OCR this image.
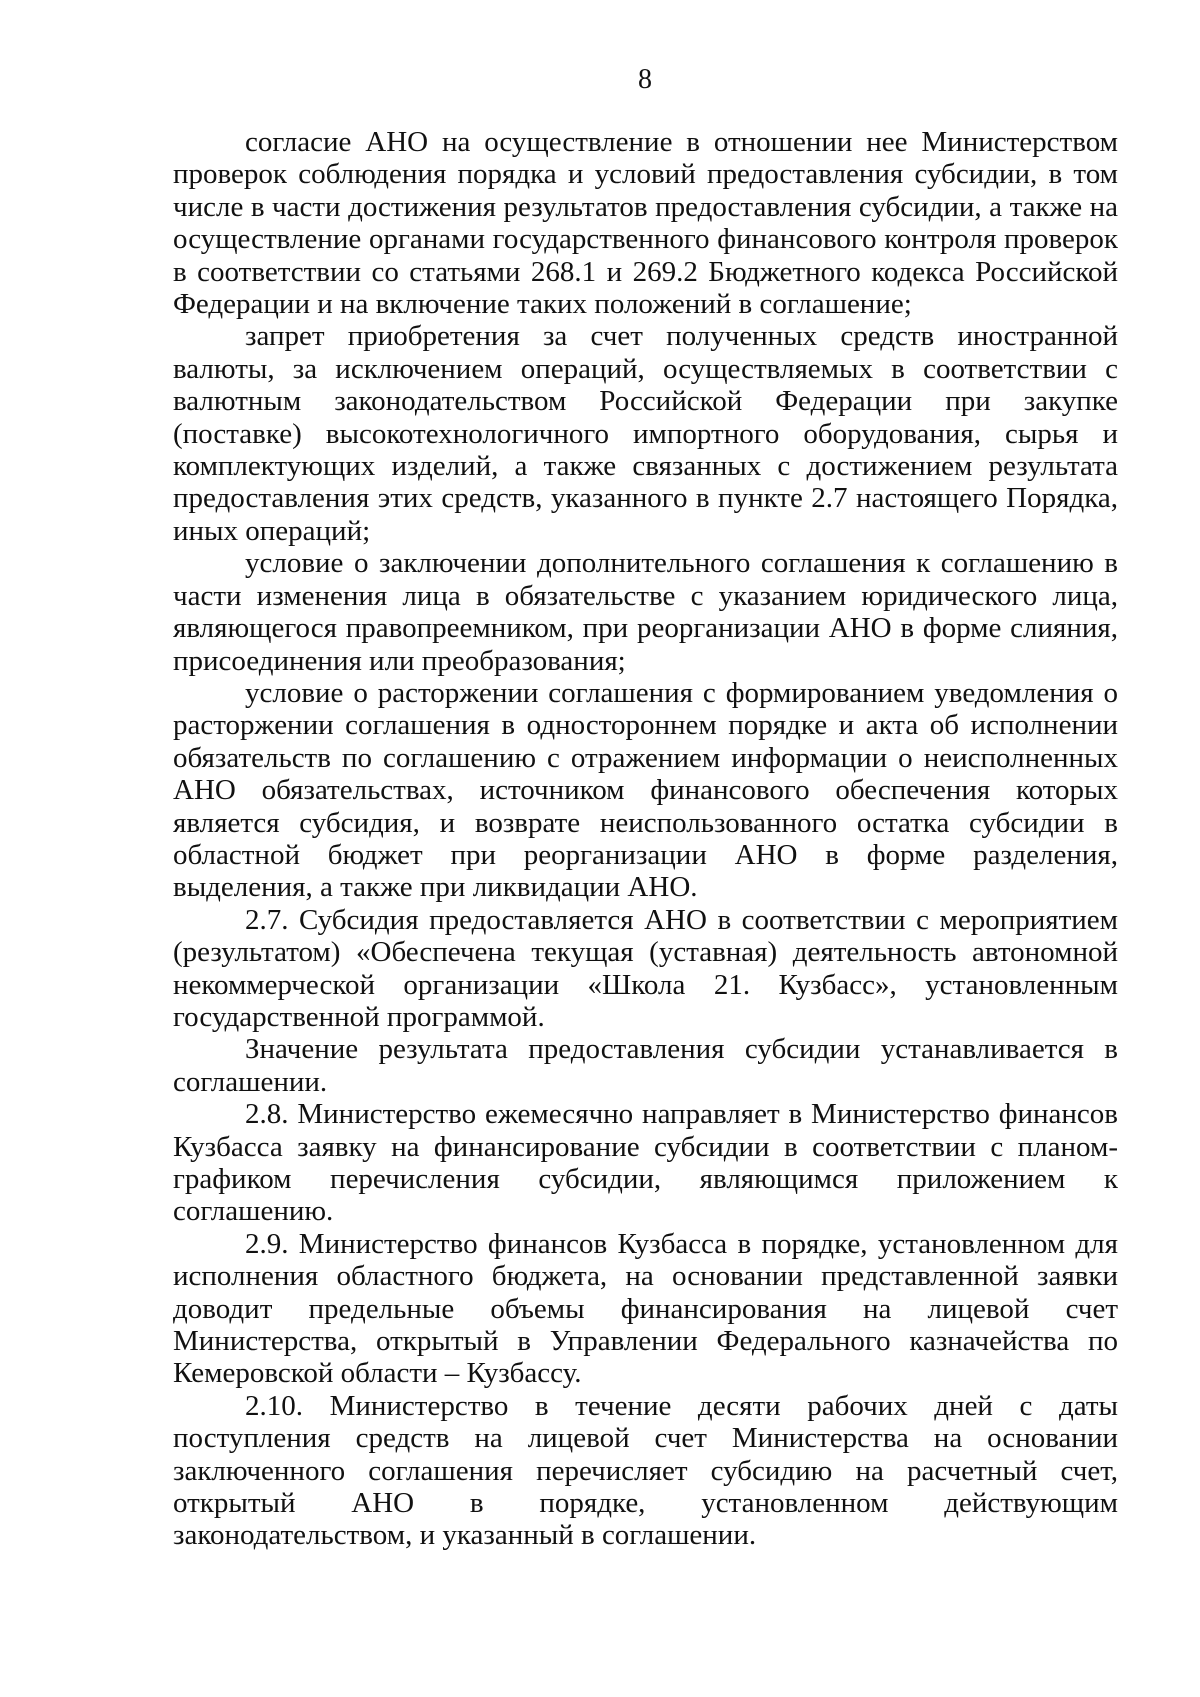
8

согласие АНО на осуществление в отношении нее Министерством проверок соблюдения порядка и условий предоставления субсидии, в том числе в части достижения результатов предоставления субсидии, а также на осуществление органами государственного финансового контроля проверок в соответствии со статьями 268.1 и 269.2 Бюджетного кодекса Российской Федерации и на включение таких положений в соглашение;

запрет приобретения за счет полученных средств иностранной валюты, за исключением операций, осуществляемых в соответствии с валютным законодательством Российской Федерации при закупке (поставке) высокотехнологичного импортного оборудования, сырья и комплектующих изделий, а также связанных с достижением результата предоставления этих средств, указанного в пункте 2.7 настоящего Порядка, иных операций;

условие о заключении дополнительного соглашения к соглашению в части изменения лица в обязательстве с указанием юридического лица, являющегося правопреемником, при реорганизации АНО в форме слияния, присоединения или преобразования;

условие о расторжении соглашения с формированием уведомления о расторжении соглашения в одностороннем порядке и акта об исполнении обязательств по соглашению с отражением информации о неисполненных АНО обязательствах, источником финансового обеспечения которых является субсидия, и возврате неиспользованного остатка субсидии в областной бюджет при реорганизации АНО в форме разделения, выделения, а также при ликвидации АНО.

2.7. Субсидия предоставляется АНО в соответствии с мероприятием (результатом) «Обеспечена текущая (уставная) деятельность автономной некоммерческой организации «Школа 21. Кузбасс», установленным государственной программой.

Значение результата предоставления субсидии устанавливается в соглашении.

2.8. Министерство ежемесячно направляет в Министерство финансов Кузбасса заявку на финансирование субсидии в соответствии с планом-графиком перечисления субсидии, являющимся приложением к соглашению.

2.9. Министерство финансов Кузбасса в порядке, установленном для исполнения областного бюджета, на основании представленной заявки доводит предельные объемы финансирования на лицевой счет Министерства, открытый в Управлении Федерального казначейства по Кемеровской области – Кузбассу.

2.10. Министерство в течение десяти рабочих дней с даты поступления средств на лицевой счет Министерства на основании заключенного соглашения перечисляет субсидию на расчетный счет, открытый АНО в порядке, установленном действующим законодательством, и указанный в соглашении.
